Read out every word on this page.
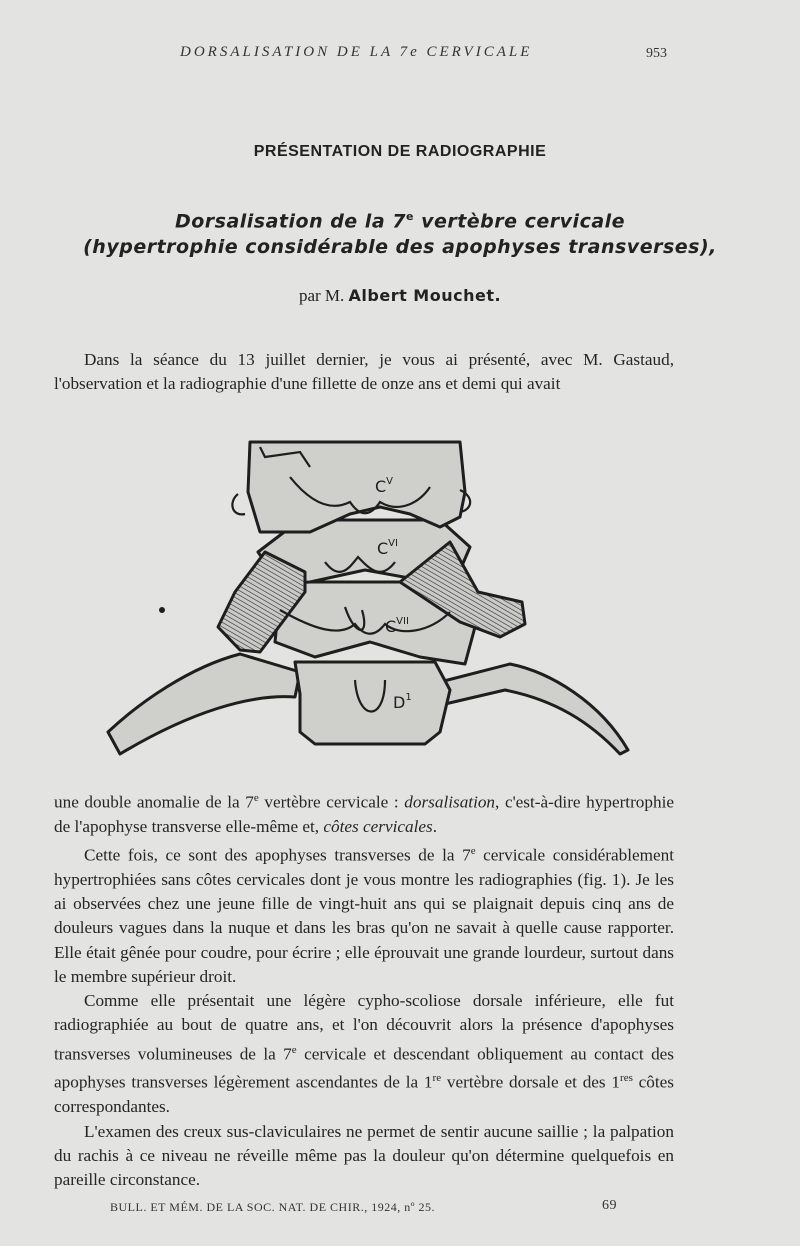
DORSALISATION DE LA 7e CERVICALE	953
PRÉSENTATION DE RADIOGRAPHIE
Dorsalisation de la 7e vertèbre cervicale
(hypertrophie considérable des apophyses transverses),
par M. Albert Mouchet.
Dans la séance du 13 juillet dernier, je vous ai présenté, avec M. Gastaud, l'observation et la radiographie d'une fillette de onze ans et demi qui avait
$C^V$
$C^{VI}$
$C^{VII}$
$D^1$

une double anomalie de la 7e vertèbre cervicale : dorsalisation, c'est-à-dire hypertrophie de l'apophyse transverse elle-même et, côtes cervicales.

Cette fois, ce sont des apophyses transverses de la 7e cervicale considérablement hypertrophiées sans côtes cervicales dont je vous montre les radiographies (fig. 1). Je les ai observées chez une jeune fille de vingt-huit ans qui se plaignait depuis cinq ans de douleurs vagues dans la nuque et dans les bras qu'on ne savait à quelle cause rapporter. Elle était gênée pour coudre, pour écrire ; elle éprouvait une grande lourdeur, surtout dans le membre supérieur droit.

Comme elle présentait une légère cypho-scoliose dorsale inférieure, elle fut radiographiée au bout de quatre ans, et l'on découvrit alors la présence d'apophyses transverses volumineuses de la 7e cervicale et descendant obliquement au contact des apophyses transverses légèrement ascendantes de la 1re vertèbre dorsale et des 1res côtes correspondantes.

L'examen des creux sus-claviculaires ne permet de sentir aucune saillie ; la palpation du rachis à ce niveau ne réveille même pas la douleur qu'on détermine quelquefois en pareille circonstance.

BULL. ET MÉM. DE LA SOC. NAT. DE CHIR., 1924, nº 25.	69
